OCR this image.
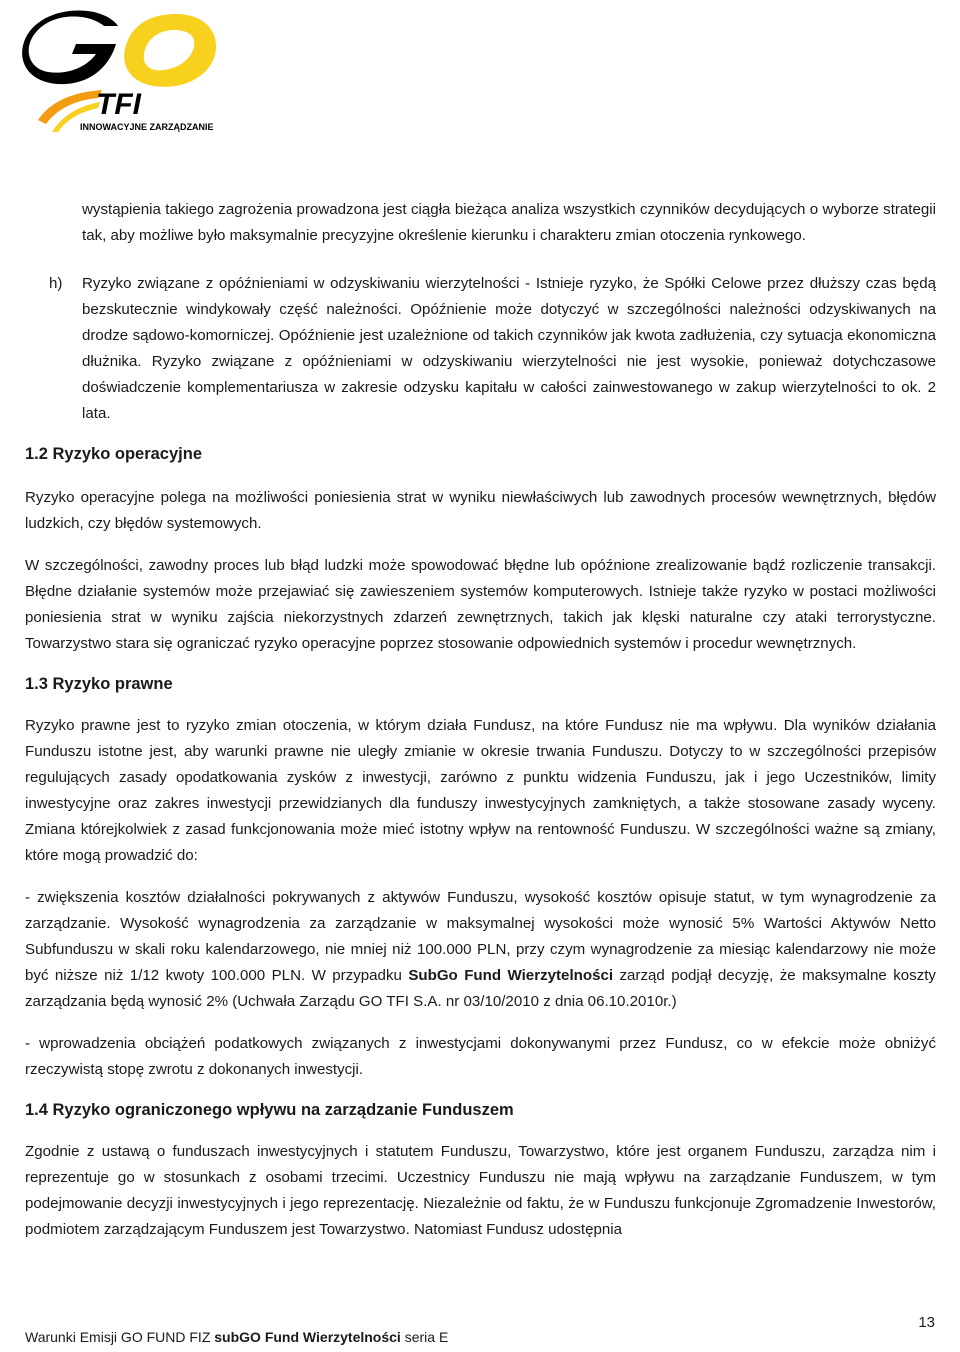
TFI
INNOWACYJNE ZARZĄDZANIE

wystąpienia takiego zagrożenia prowadzona jest ciągła bieżąca analiza wszystkich czynników decydujących o wyborze strategii tak, aby możliwe było maksymalnie precyzyjne określenie kierunku i charakteru zmian otoczenia rynkowego.

h) Ryzyko związane z opóźnieniami w odzyskiwaniu wierzytelności - Istnieje ryzyko, że Spółki Celowe przez dłuższy czas będą bezskutecznie windykowały część należności. Opóźnienie może dotyczyć w szczególności należności odzyskiwanych na drodze sądowo-komorniczej. Opóźnienie jest uzależnione od takich czynników jak kwota zadłużenia, czy sytuacja ekonomiczna dłużnika. Ryzyko związane z opóźnieniami w odzyskiwaniu wierzytelności nie jest wysokie, ponieważ dotychczasowe doświadczenie komplementariusza w zakresie odzysku kapitału w całości zainwestowanego w zakup wierzytelności to ok. 2 lata.

1.2 Ryzyko operacyjne

Ryzyko operacyjne polega na możliwości poniesienia strat w wyniku niewłaściwych lub zawodnych procesów wewnętrznych, błędów ludzkich, czy błędów systemowych.

W szczególności, zawodny proces lub błąd ludzki może spowodować błędne lub opóźnione zrealizowanie bądź rozliczenie transakcji. Błędne działanie systemów może przejawiać się zawieszeniem systemów komputerowych. Istnieje także ryzyko w postaci możliwości poniesienia strat w wyniku zajścia niekorzystnych zdarzeń zewnętrznych, takich jak klęski naturalne czy ataki terrorystyczne. Towarzystwo stara się ograniczać ryzyko operacyjne poprzez stosowanie odpowiednich systemów i procedur wewnętrznych.

1.3 Ryzyko prawne

Ryzyko prawne jest to ryzyko zmian otoczenia, w którym działa Fundusz, na które Fundusz nie ma wpływu. Dla wyników działania Funduszu istotne jest, aby warunki prawne nie uległy zmianie w okresie trwania Funduszu. Dotyczy to w szczególności przepisów regulujących zasady opodatkowania zysków z inwestycji, zarówno z punktu widzenia Funduszu, jak i jego Uczestników, limity inwestycyjne oraz zakres inwestycji przewidzianych dla funduszy inwestycyjnych zamkniętych, a także stosowane zasady wyceny. Zmiana którejkolwiek z zasad funkcjonowania może mieć istotny wpływ na rentowność Funduszu. W szczególności ważne są zmiany, które mogą prowadzić do:

- zwiększenia kosztów działalności pokrywanych z aktywów Funduszu, wysokość kosztów opisuje statut, w tym wynagrodzenie za zarządzanie. Wysokość wynagrodzenia za zarządzanie w maksymalnej wysokości może wynosić 5% Wartości Aktywów Netto Subfunduszu w skali roku kalendarzowego, nie mniej niż 100.000 PLN, przy czym wynagrodzenie za miesiąc kalendarzowy nie może być niższe niż 1/12 kwoty 100.000 PLN. W przypadku SubGo Fund Wierzytelności zarząd podjął decyzję, że maksymalne koszty zarządzania będą wynosić 2% (Uchwała Zarządu GO TFI S.A. nr 03/10/2010 z dnia 06.10.2010r.)

- wprowadzenia obciążeń podatkowych związanych z inwestycjami dokonywanymi przez Fundusz, co w efekcie może obniżyć rzeczywistą stopę zwrotu z dokonanych inwestycji.

1.4 Ryzyko ograniczonego wpływu na zarządzanie Funduszem

Zgodnie z ustawą o funduszach inwestycyjnych i statutem Funduszu, Towarzystwo, które jest organem Funduszu, zarządza nim i reprezentuje go w stosunkach z osobami trzecimi. Uczestnicy Funduszu nie mają wpływu na zarządzanie Funduszem, w tym podejmowanie decyzji inwestycyjnych i jego reprezentację. Niezależnie od faktu, że w Funduszu funkcjonuje Zgromadzenie Inwestorów, podmiotem zarządzającym Funduszem jest Towarzystwo. Natomiast Fundusz udostępnia

Warunki Emisji GO FUND FIZ subGO Fund Wierzytelności seria E
13
